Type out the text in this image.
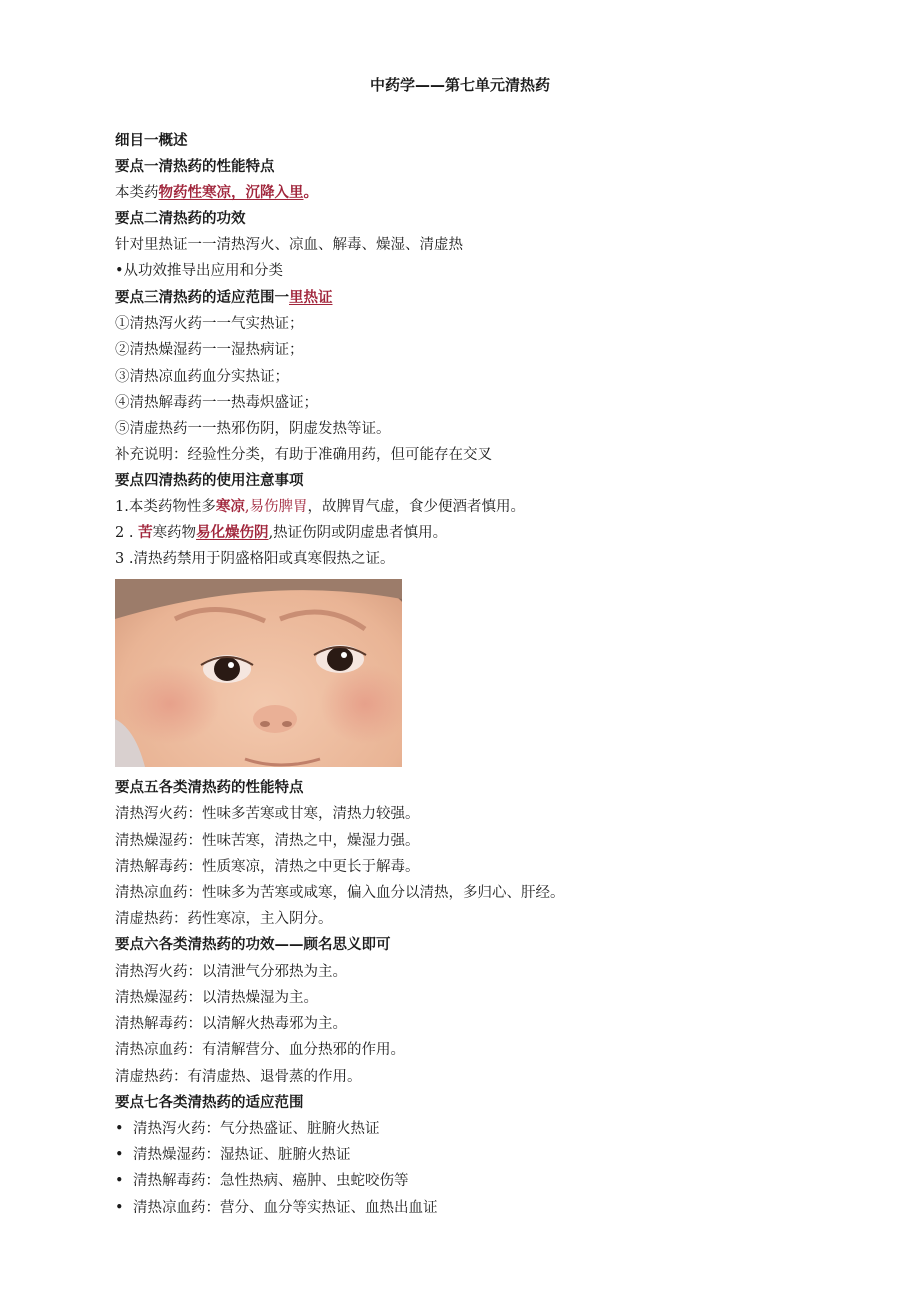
中药学——第七单元清热药
细目一概述
要点一清热药的性能特点
本类药物药性寒凉，沉降入里。
要点二清热药的功效
针对里热证一一清热泻火、凉血、解毒、燥湿、清虚热
•从功效推导出应用和分类
要点三清热药的适应范围一里热证
①清热泻火药一一气实热证；
②清热燥湿药一一湿热病证；
③清热凉血药血分实热证；
④清热解毒药一一热毒炽盛证；
⑤清虚热药一一热邪伤阴，阴虚发热等证。
补充说明：经验性分类，有助于准确用药，但可能存在交叉
要点四清热药的使用注意事项
1.本类药物性多寒凉,易伤脾胃，故脾胃气虚，食少便酒者慎用。
2 . 苦寒药物易化燥伤阴,热证伤阴或阴虚患者慎用。
3 .清热药禁用于阴盛格阳或真寒假热之证。
要点五各类清热药的性能特点
清热泻火药：性味多苦寒或甘寒，清热力较强。
清热燥湿药：性味苦寒，清热之中，燥湿力强。
清热解毒药：性质寒凉，清热之中更长于解毒。
清热凉血药：性味多为苦寒或咸寒，偏入血分以清热，多归心、肝经。
清虚热药：药性寒凉，主入阴分。
要点六各类清热药的功效——顾名思义即可
清热泻火药：以清泄气分邪热为主。
清热燥湿药：以清热燥湿为主。
清热解毒药：以清解火热毒邪为主。
清热凉血药：有清解营分、血分热邪的作用。
清虚热药：有清虚热、退骨蒸的作用。
要点七各类清热药的适应范围
• 清热泻火药：气分热盛证、脏腑火热证
• 清热燥湿药：湿热证、脏腑火热证
• 清热解毒药：急性热病、癌肿、虫蛇咬伤等
• 清热凉血药：营分、血分等实热证、血热出血证
